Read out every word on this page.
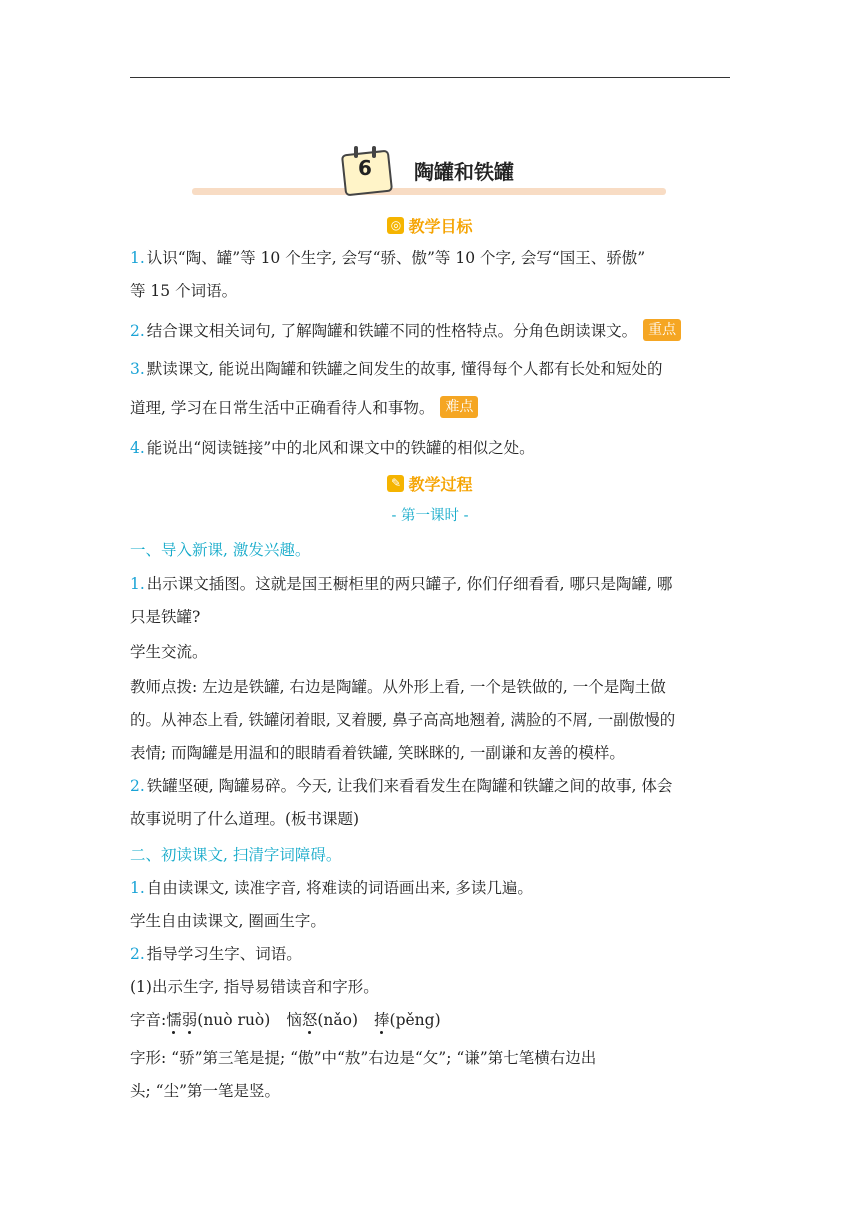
6	陶罐和铁罐
◎ 教学目标
1. 认识“陶、罐”等 10 个生字, 会写“骄、傲”等 10 个字, 会写“国王、骄傲”
等 15 个词语。
2. 结合课文相关词句, 了解陶罐和铁罐不同的性格特点。分角色朗读课文。 重点
3. 默读课文, 能说出陶罐和铁罐之间发生的故事, 懂得每个人都有长处和短处的
道理, 学习在日常生活中正确看待人和事物。 难点
4. 能说出“阅读链接”中的北风和课文中的铁罐的相似之处。
✎ 教学过程
- 第一课时 -
一、导入新课, 激发兴趣。
1. 出示课文插图。这就是国王橱柜里的两只罐子, 你们仔细看看, 哪只是陶罐, 哪
只是铁罐?
学生交流。
教师点拨: 左边是铁罐, 右边是陶罐。从外形上看, 一个是铁做的, 一个是陶土做
的。从神态上看, 铁罐闭着眼, 叉着腰, 鼻子高高地翘着, 满脸的不屑, 一副傲慢的
表情; 而陶罐是用温和的眼睛看着铁罐, 笑眯眯的, 一副谦和友善的模样。
2. 铁罐坚硬, 陶罐易碎。今天, 让我们来看看发生在陶罐和铁罐之间的故事, 体会
故事说明了什么道理。(板书课题)
二、初读课文, 扫清字词障碍。
1. 自由读课文, 读准字音, 将难读的词语画出来, 多读几遍。
学生自由读课文, 圈画生字。
2. 指导学习生字、词语。
(1)出示生字, 指导易错读音和字形。
字音:懦弱(nuò ruò) 恼怒(nǎo) 捧(pěng)
字形: “骄”第三笔是提; “傲”中“敖”右边是“攵”; “谦”第七笔横右边出
头; “尘”第一笔是竖。
